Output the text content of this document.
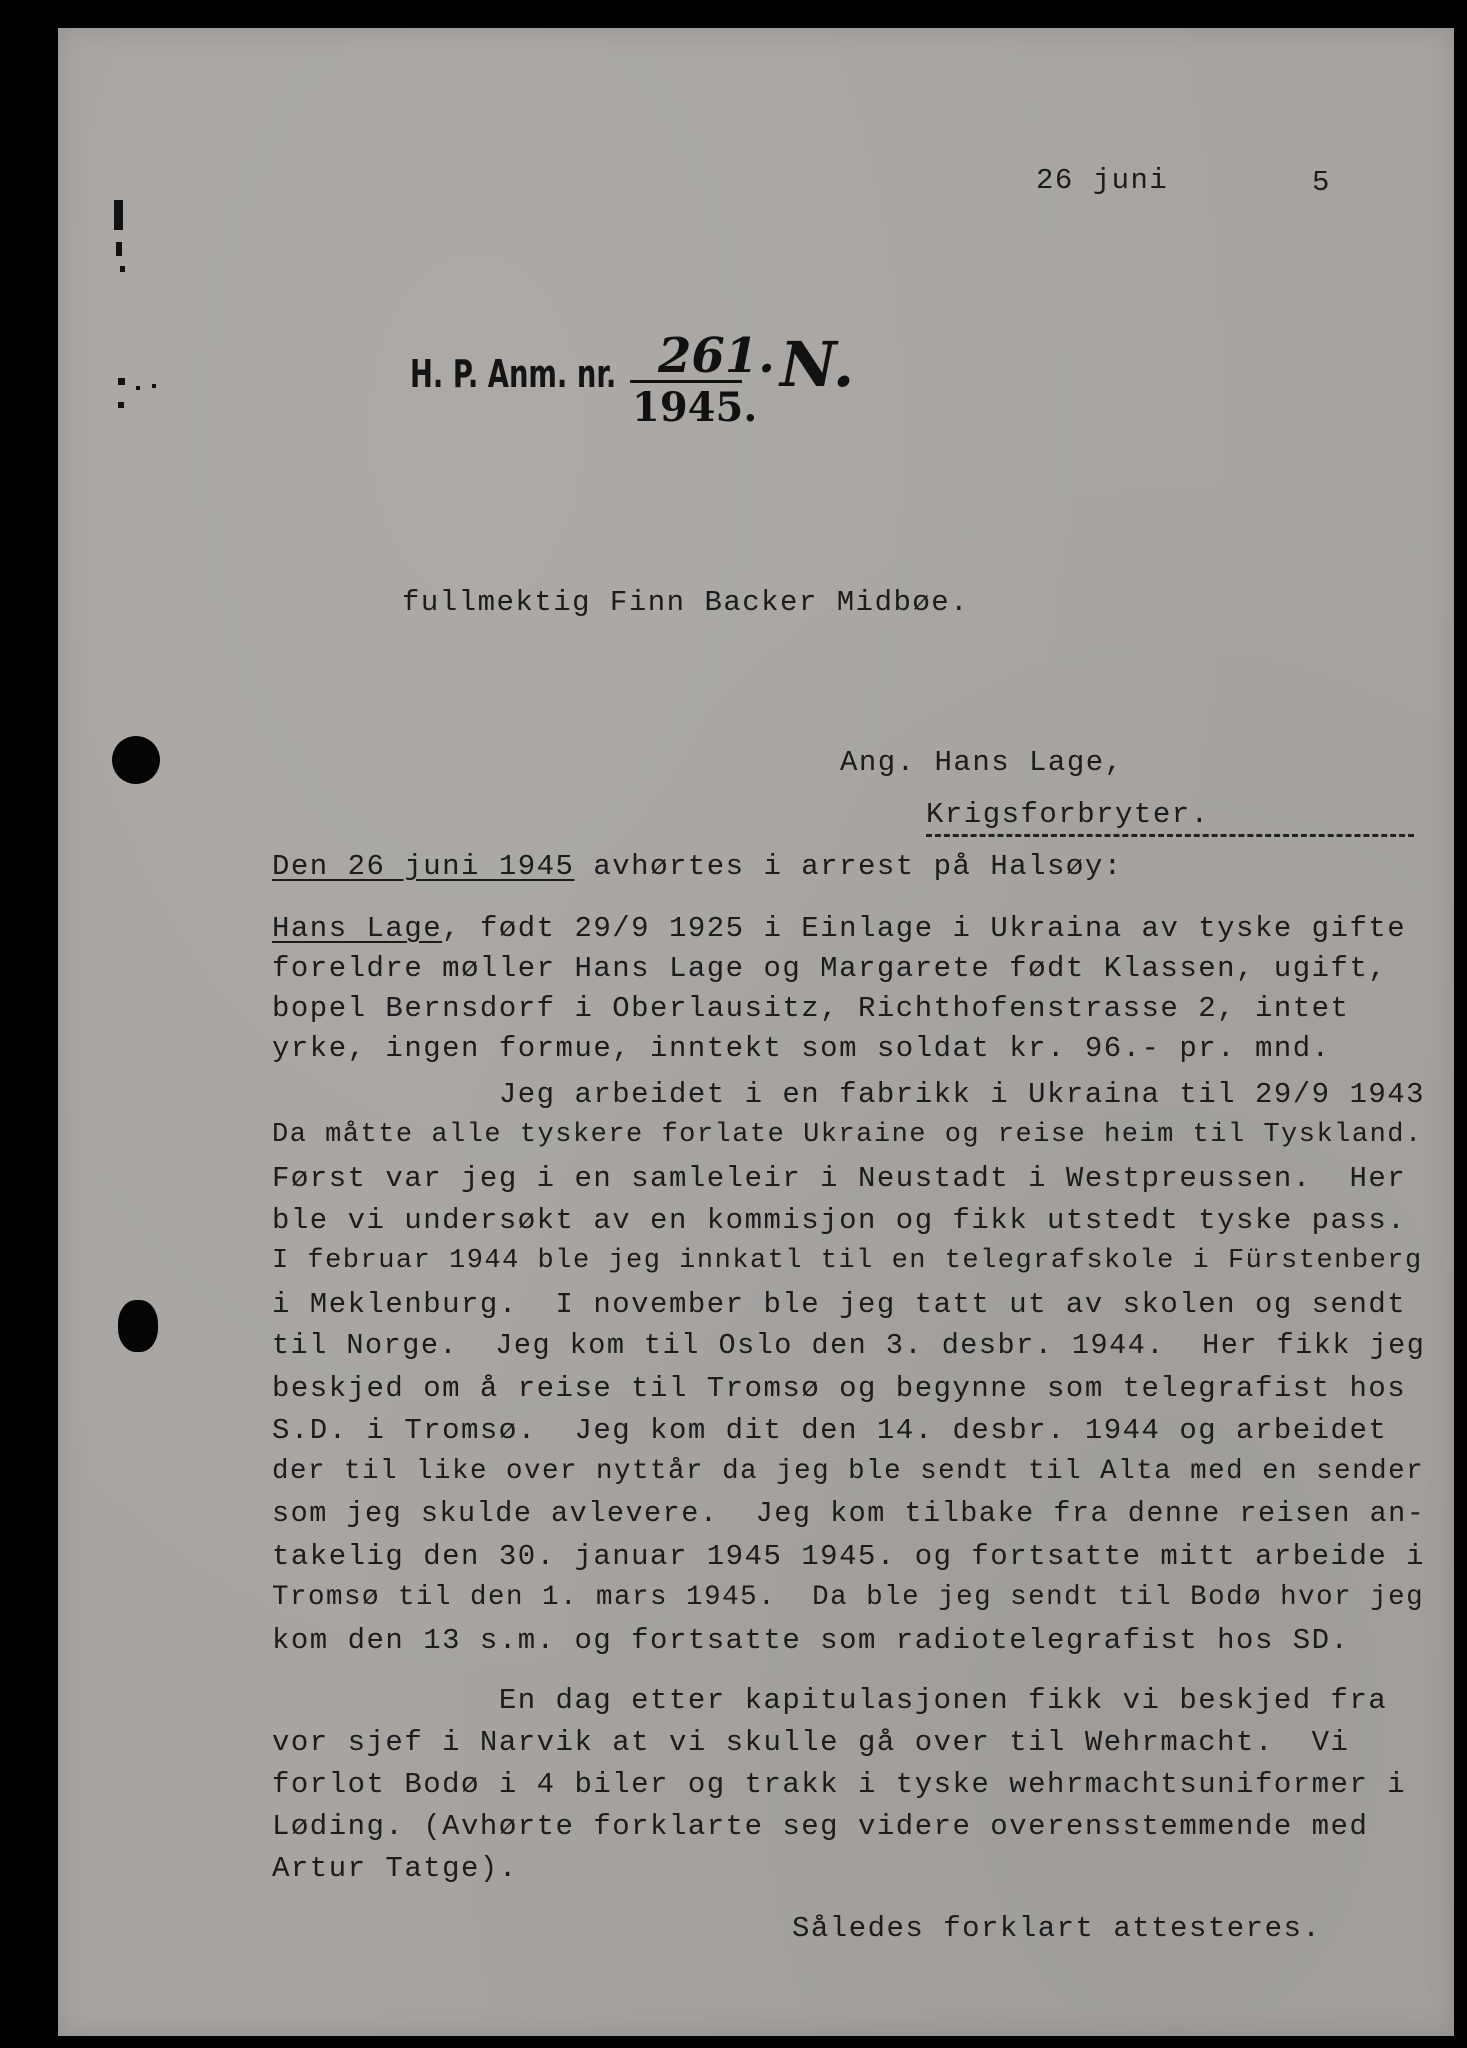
26 juni	5
H. P. Anm. nr. 261.
1945.
N.
fullmektig Finn Backer Midbøe.
Ang. Hans Lage,
Krigsforbryter.
Den 26 juni 1945 avhørtes i arrest på Halsøy:
Hans Lage, født 29/9 1925 i Einlage i Ukraina av tyske gifte
foreldre møller Hans Lage og Margarete født Klassen, ugift,
bopel Bernsdorf i Oberlausitz, Richthofenstrasse 2, intet
yrke, ingen formue, inntekt som soldat kr. 96.- pr. mnd.
Jeg arbeidet i en fabrikk i Ukraina til 29/9 1943
Da måtte alle tyskere forlate Ukraine og reise heim til Tyskland.
Først var jeg i en samleleir i Neustadt i Westpreussen.  Her
ble vi undersøkt av en kommisjon og fikk utstedt tyske pass.
I februar 1944 ble jeg innkatl til en telegrafskole i Fürstenberg
i Meklenburg.  I november ble jeg tatt ut av skolen og sendt
til Norge.  Jeg kom til Oslo den 3. desbr. 1944.  Her fikk jeg
beskjed om å reise til Tromsø og begynne som telegrafist hos
S.D. i Tromsø.  Jeg kom dit den 14. desbr. 1944 og arbeidet
der til like over nyttår da jeg ble sendt til Alta med en sender
som jeg skulde avlevere.  Jeg kom tilbake fra denne reisen an-
takelig den 30. januar 1945 1945. og fortsatte mitt arbeide i
Tromsø til den 1. mars 1945.  Da ble jeg sendt til Bodø hvor jeg
kom den 13 s.m. og fortsatte som radiotelegrafist hos SD.
En dag etter kapitulasjonen fikk vi beskjed fra
vor sjef i Narvik at vi skulle gå over til Wehrmacht.  Vi
forlot Bodø i 4 biler og trakk i tyske wehrmachtsuniformer i
Løding. (Avhørte forklarte seg videre overensstemmende med
Artur Tatge).
Således forklart attesteres.
